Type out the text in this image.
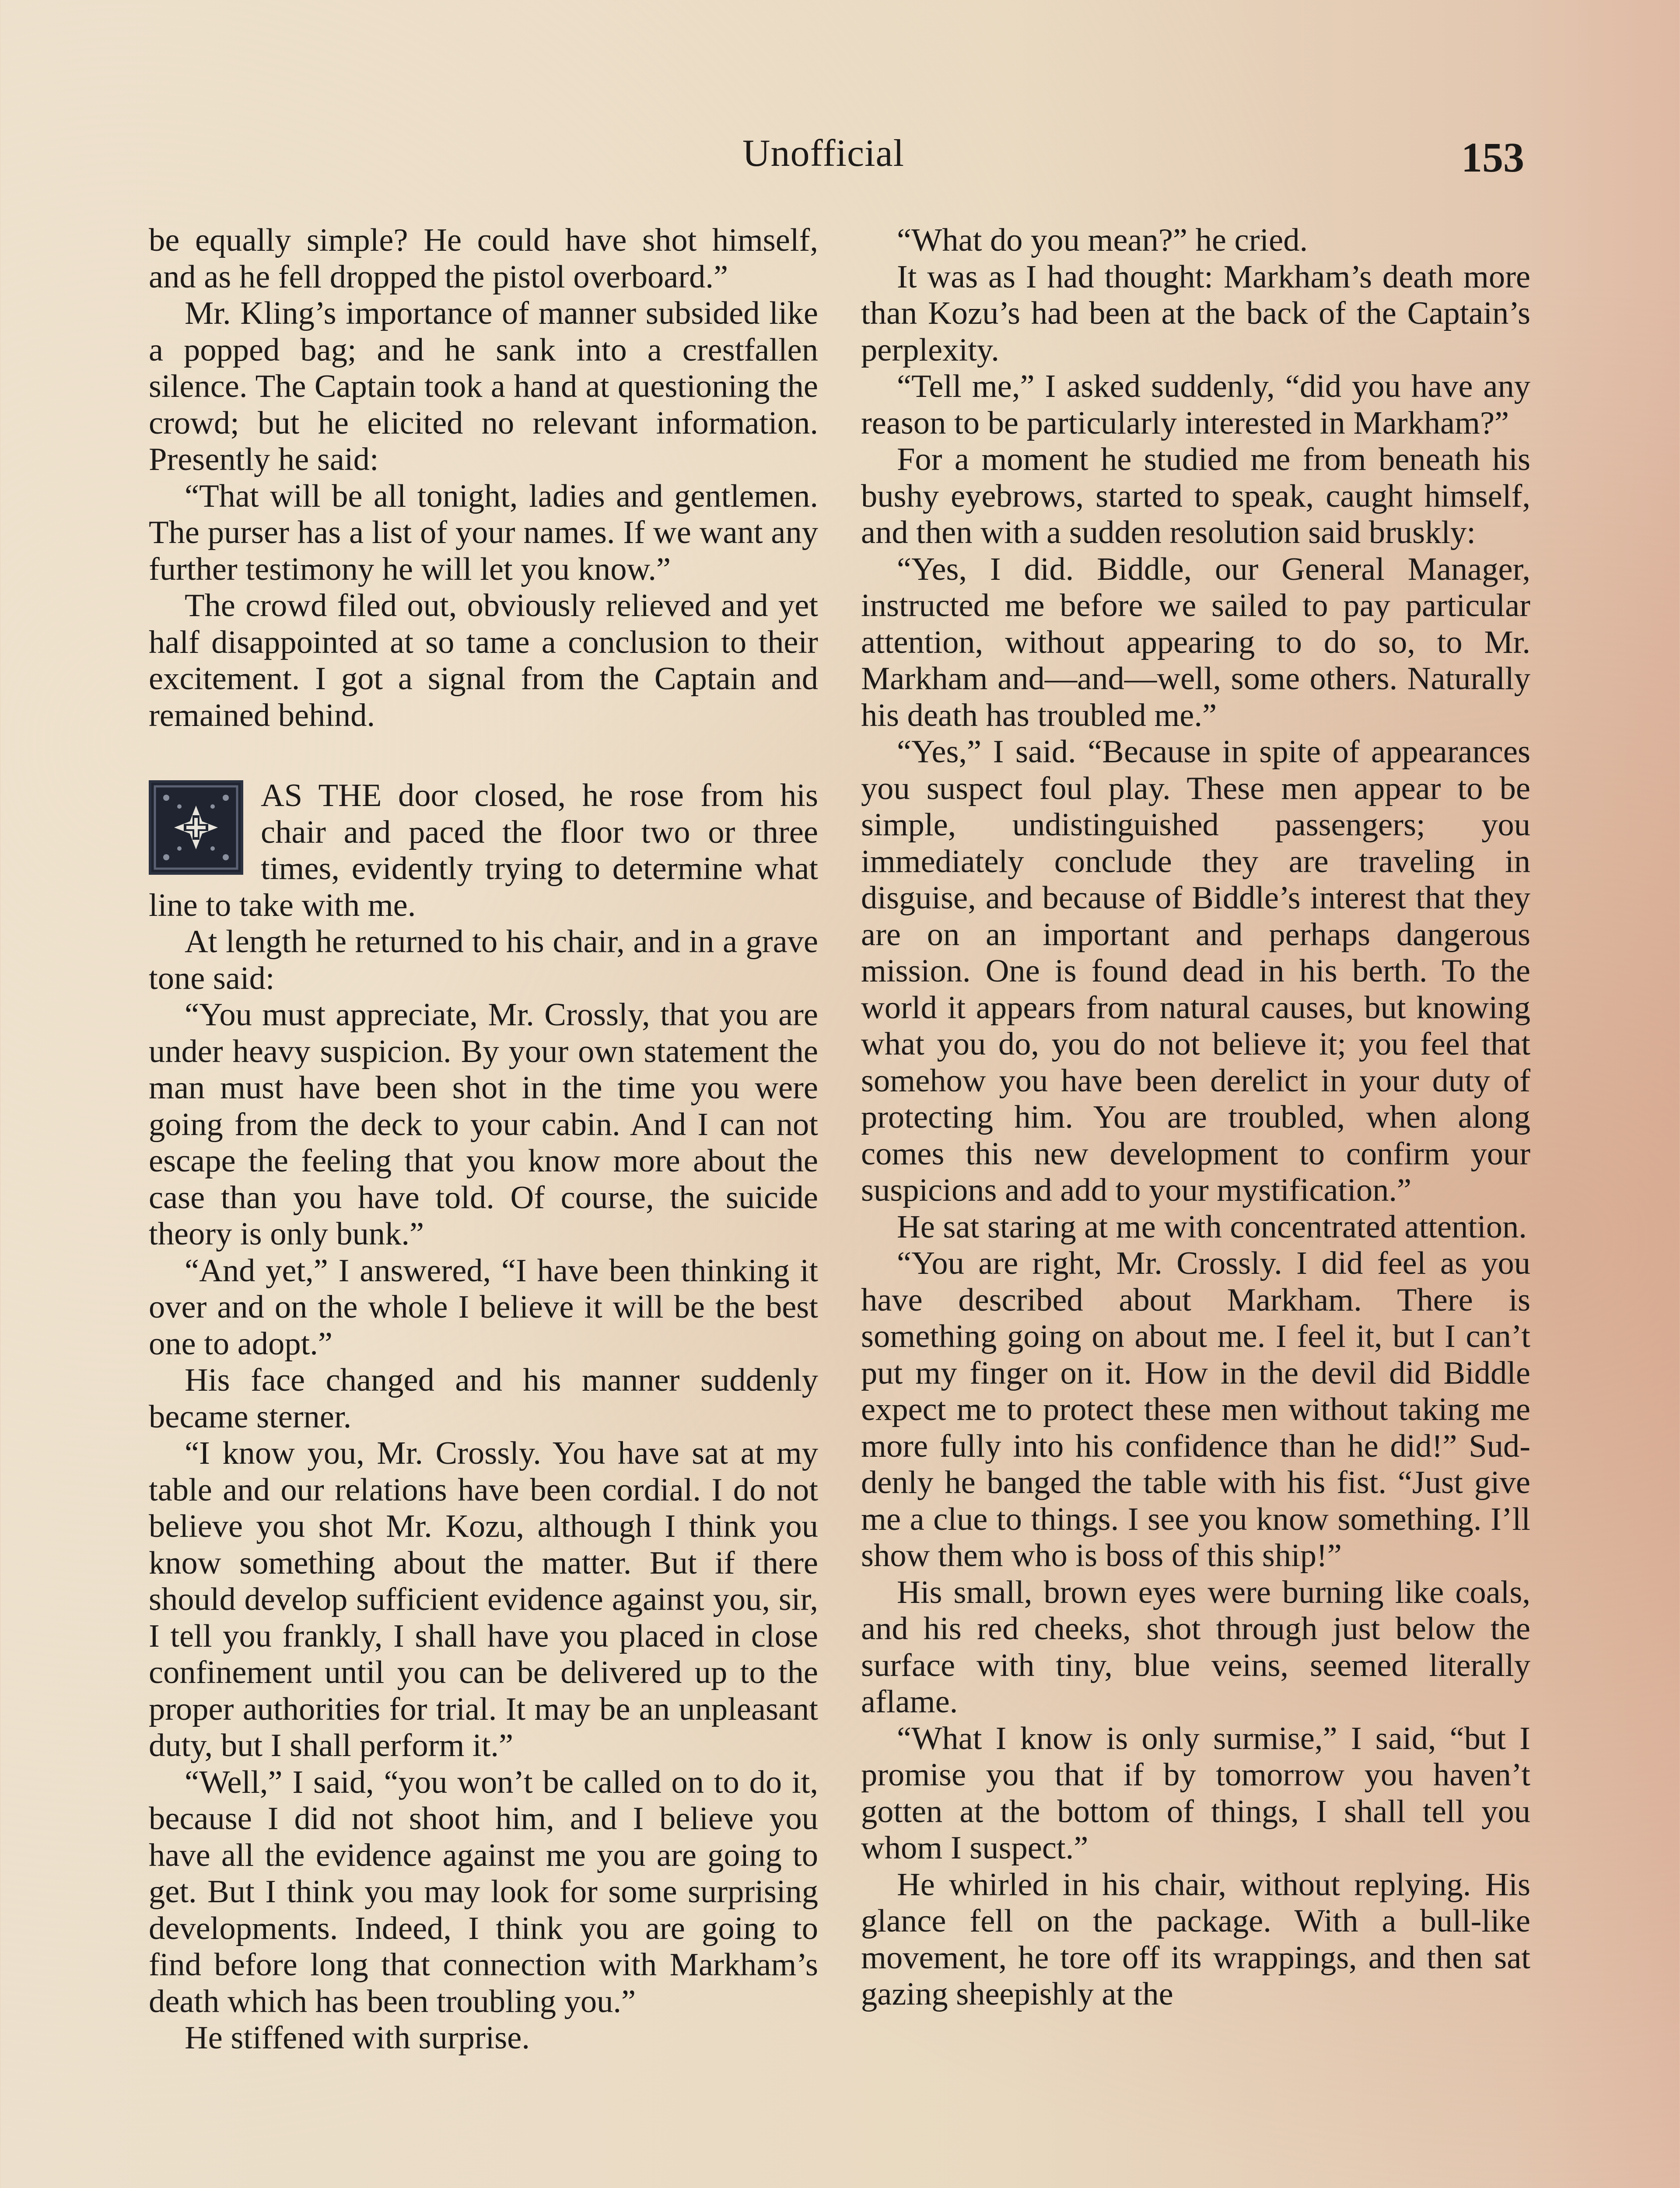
Unofficial	153

be equally simple? He could have shot himself, and as he fell dropped the pistol overboard.”

Mr. Kling’s importance of manner subsided like a popped bag; and he sank into a crestfallen silence. The Captain took a hand at questioning the crowd; but he elicited no relevant information. Presently he said:

“That will be all tonight, ladies and gentlemen. The purser has a list of your names. If we want any further testimony he will let you know.”

The crowd filed out, obviously relieved and yet half disappointed at so tame a conclusion to their excitement. I got a signal from the Captain and remained behind.

AS THE door closed, he rose from his chair and paced the floor two or three times, evidently trying to determine what line to take with me.

At length he returned to his chair, and in a grave tone said:

“You must appreciate, Mr. Crossly, that you are under heavy suspicion. By your own statement the man must have been shot in the time you were going from the deck to your cabin. And I can not escape the feeling that you know more about the case than you have told. Of course, the suicide theory is only bunk.”

“And yet,” I answered, “I have been thinking it over and on the whole I believe it will be the best one to adopt.”

His face changed and his manner suddenly became sterner.

“I know you, Mr. Crossly. You have sat at my table and our relations have been cordial. I do not believe you shot Mr. Kozu, although I think you know something about the matter. But if there should develop sufficient evidence against you, sir, I tell you frankly, I shall have you placed in close confinement until you can be delivered up to the proper authorities for trial. It may be an unpleasant duty, but I shall perform it.”

“Well,” I said, “you won’t be called on to do it, because I did not shoot him, and I believe you have all the evidence against me you are going to get. But I think you may look for some surprising developments. Indeed, I think you are going to find before long that connection with Markham’s death which has been troubling you.”

He stiffened with surprise.

“What do you mean?” he cried.

It was as I had thought: Markham’s death more than Kozu’s had been at the back of the Captain’s perplexity.

“Tell me,” I asked suddenly, “did you have any reason to be particularly interested in Markham?”

For a moment he studied me from beneath his bushy eyebrows, started to speak, caught himself, and then with a sudden resolution said bruskly:

“Yes, I did. Biddle, our General Manager, instructed me before we sailed to pay particular attention, without appearing to do so, to Mr. Markham and—and—well, some others. Naturally his death has troubled me.”

“Yes,” I said. “Because in spite of appearances you suspect foul play. These men appear to be simple, undistinguished passengers; you immediately conclude they are traveling in disguise, and because of Biddle’s interest that they are on an important and perhaps dangerous mission. One is found dead in his berth. To the world it appears from natural causes, but knowing what you do, you do not believe it; you feel that somehow you have been derelict in your duty of protecting him. You are troubled, when along comes this new development to confirm your suspicions and add to your mystification.”

He sat staring at me with concentrated attention.

“You are right, Mr. Crossly. I did feel as you have described about Markham. There is something going on about me. I feel it, but I can’t put my finger on it. How in the devil did Biddle expect me to protect these men without taking me more fully into his confidence than he did!” Suddenly he banged the table with his fist. “Just give me a clue to things. I see you know something. I’ll show them who is boss of this ship!”

His small, brown eyes were burning like coals, and his red cheeks, shot through just below the surface with tiny, blue veins, seemed literally aflame.

“What I know is only surmise,” I said, “but I promise you that if by tomorrow you haven’t gotten at the bottom of things, I shall tell you whom I suspect.”

He whirled in his chair, without replying. His glance fell on the package. With a bull-like movement, he tore off its wrappings, and then sat gazing sheepishly at the
